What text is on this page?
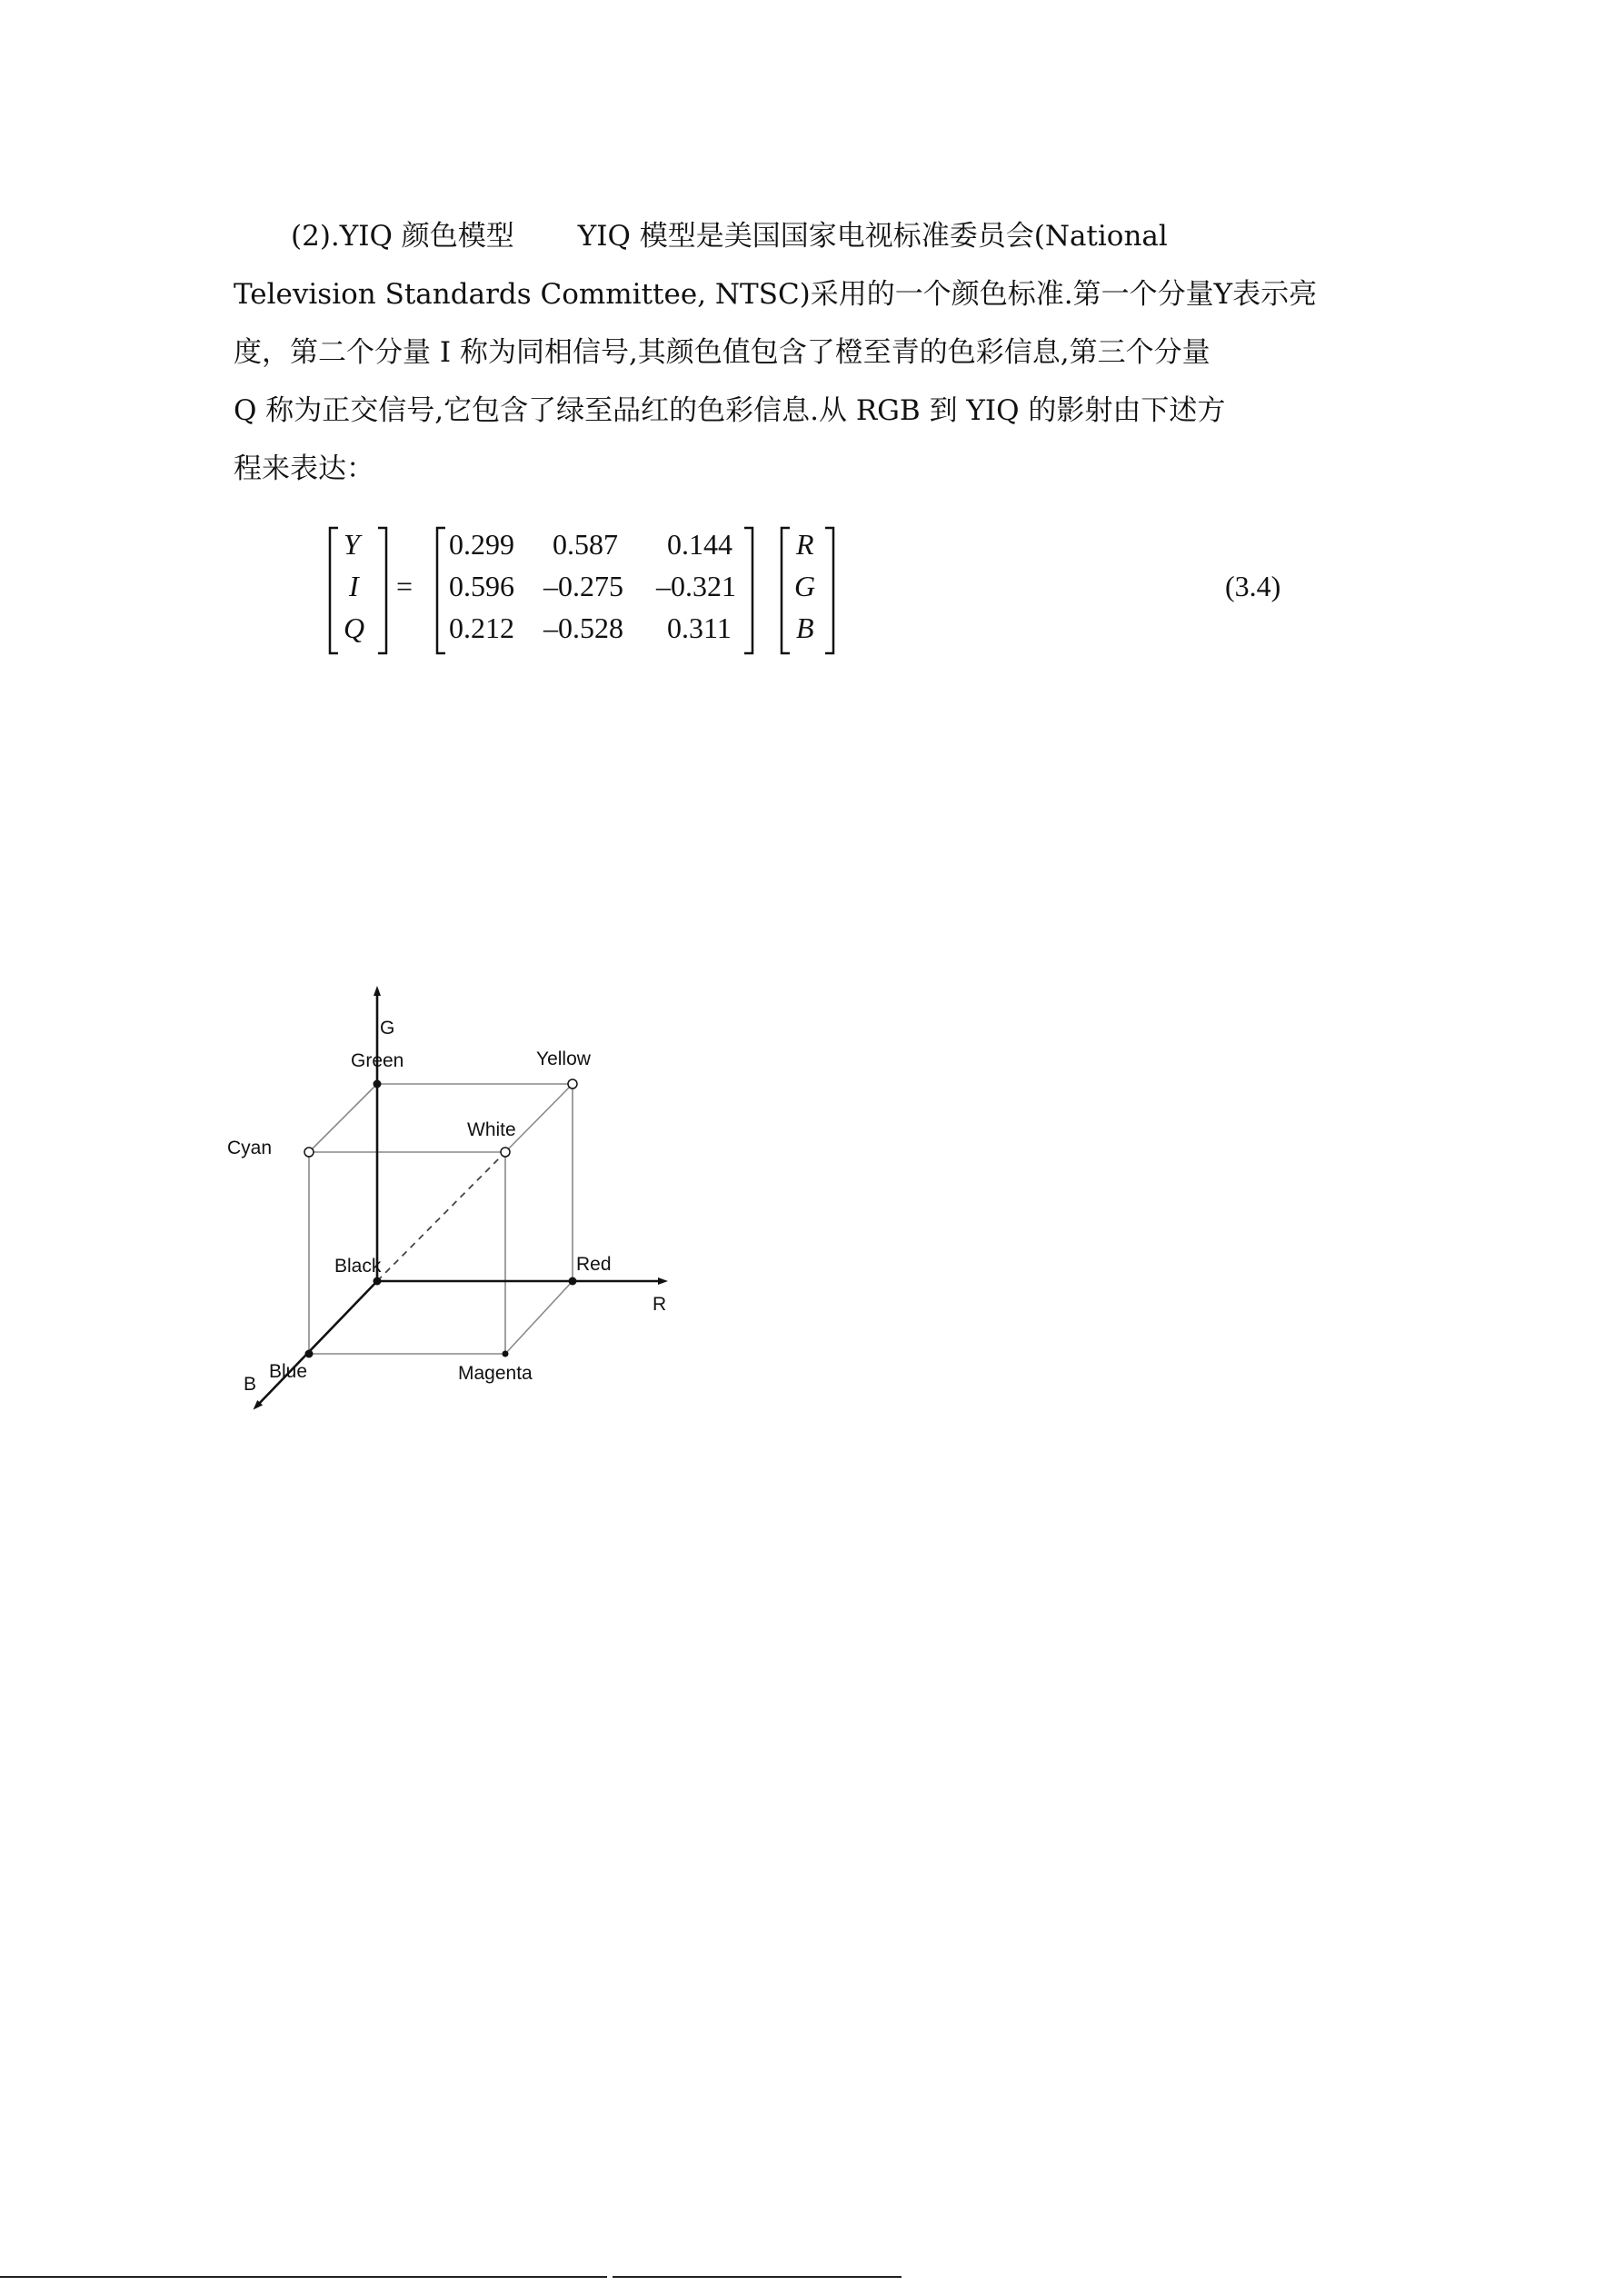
(2).YIQ 颜色模型 YIQ 模型是美国国家电视标准委员会(National
Television Standards Committee, NTSC)采用的一个颜色标准.第一个分量Y表示亮
度，第二个分量 I 称为同相信号,其颜色值包含了橙至青的色彩信息,第三个分量
Q 称为正交信号,它包含了绿至品红的色彩信息.从 RGB 到 YIQ 的影射由下述方
程来表达：
Y
I
Q
=
0.299 0.587 0.144
0.596 –0.275 –0.321
0.212 –0.528 0.311
R
G
B
(3.4)
G
R
B
Green	Yellow
Cyan
White
Black	Red
Blue	Magenta
